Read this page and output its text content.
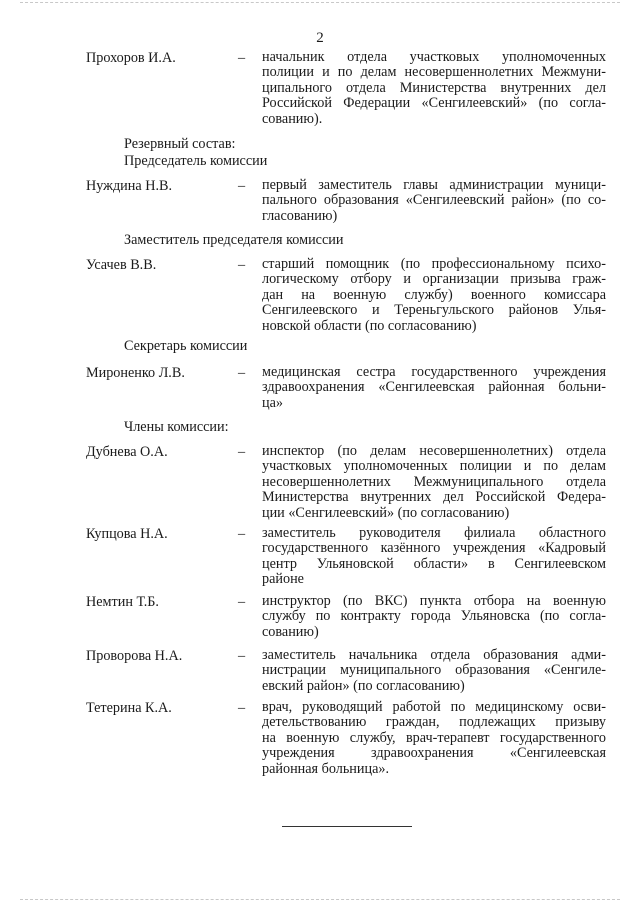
2
Прохоров И.А.	– начальник отдела участковых уполномоченных
полиции и по делам несовершеннолетних Межмуни-
ципального отдела Министерства внутренних дел
Российской Федерации «Сенгилеевский» (по согла-
сованию).
Резервный состав:
Председатель комиссии
Нуждина Н.В.	– первый заместитель главы администрации муници-
пального образования «Сенгилеевский район» (по со-
гласованию)
Заместитель председателя комиссии
Усачев В.В.	– старший помощник (по профессиональному психо-
логическому отбору и организации призыва граж-
дан на военную службу) военного комиссара
Сенгилеевского и Тереньгульского районов Улья-
новской области (по согласованию)
Секретарь комиссии
Мироненко Л.В.	– медицинская сестра государственного учреждения
здравоохранения «Сенгилеевская районная больни-
ца»
Члены комиссии:
Дубнева О.А.	– инспектор (по делам несовершеннолетних) отдела
участковых уполномоченных полиции и по делам
несовершеннолетних Межмуниципального отдела
Министерства внутренних дел Российской Федера-
ции «Сенгилеевский» (по согласованию)
Купцова Н.А.	– заместитель руководителя филиала областного
государственного казённого учреждения «Кадровый
центр Ульяновской области» в Сенгилеевском
районе
Немтин Т.Б.	– инструктор (по ВКС) пункта отбора на военную
службу по контракту города Ульяновска (по согла-
сованию)
Проворова Н.А.	– заместитель начальника отдела образования адми-
нистрации муниципального образования «Сенгиле-
евский район» (по согласованию)
Тетерина К.А.	– врач, руководящий работой по медицинскому осви-
детельствованию граждан, подлежащих призыву
на военную службу, врач-терапевт государственного
учреждения здравоохранения «Сенгилеевская
районная больница».
